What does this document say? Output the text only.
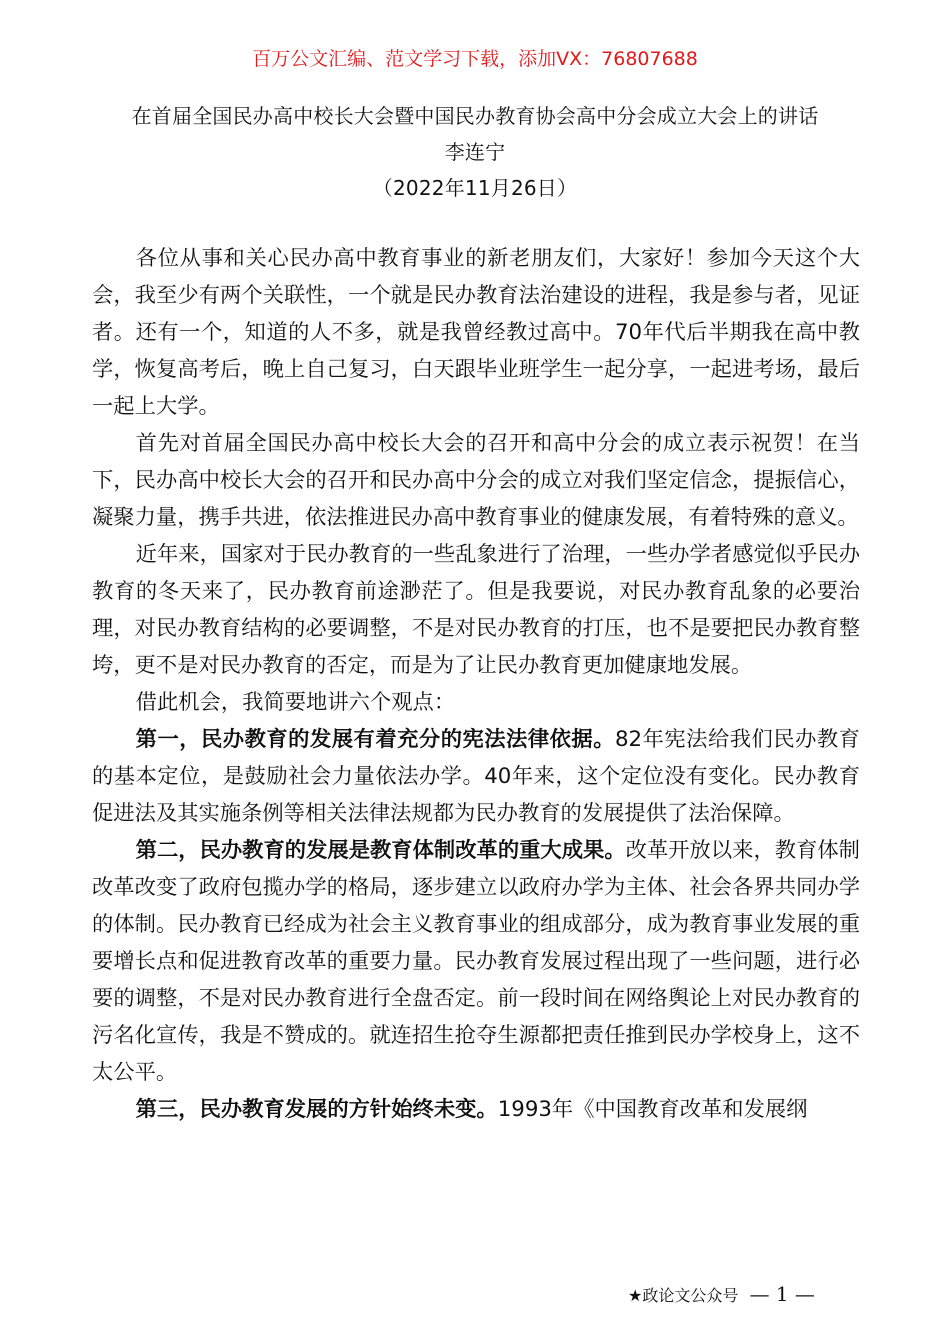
百万公文汇编、范文学习下载，添加VX：76807688
在首届全国民办高中校长大会暨中国民办教育协会高中分会成立大会上的讲话
李连宁
（2022年11月26日）

各位从事和关心民办高中教育事业的新老朋友们，大家好！参加今天这个大会，我至少有两个关联性，一个就是民办教育法治建设的进程，我是参与者，见证者。还有一个，知道的人不多，就是我曾经教过高中。70年代后半期我在高中教学，恢复高考后，晚上自己复习，白天跟毕业班学生一起分享，一起进考场，最后一起上大学。

首先对首届全国民办高中校长大会的召开和高中分会的成立表示祝贺！在当下，民办高中校长大会的召开和民办高中分会的成立对我们坚定信念，提振信心，凝聚力量，携手共进，依法推进民办高中教育事业的健康发展，有着特殊的意义。

近年来，国家对于民办教育的一些乱象进行了治理，一些办学者感觉似乎民办教育的冬天来了，民办教育前途渺茫了。但是我要说，对民办教育乱象的必要治理，对民办教育结构的必要调整，不是对民办教育的打压，也不是要把民办教育整垮，更不是对民办教育的否定，而是为了让民办教育更加健康地发展。

借此机会，我简要地讲六个观点：

第一，民办教育的发展有着充分的宪法法律依据。82年宪法给我们民办教育的基本定位，是鼓励社会力量依法办学。40年来，这个定位没有变化。民办教育促进法及其实施条例等相关法律法规都为民办教育的发展提供了法治保障。

第二，民办教育的发展是教育体制改革的重大成果。改革开放以来，教育体制改革改变了政府包揽办学的格局，逐步建立以政府办学为主体、社会各界共同办学的体制。民办教育已经成为社会主义教育事业的组成部分，成为教育事业发展的重要增长点和促进教育改革的重要力量。民办教育发展过程出现了一些问题，进行必要的调整，不是对民办教育进行全盘否定。前一段时间在网络舆论上对民办教育的污名化宣传，我是不赞成的。就连招生抢夺生源都把责任推到民办学校身上，这不太公平。

第三，民办教育发展的方针始终未变。1993年《中国教育改革和发展纲

★政论文公众号 — 1 —
